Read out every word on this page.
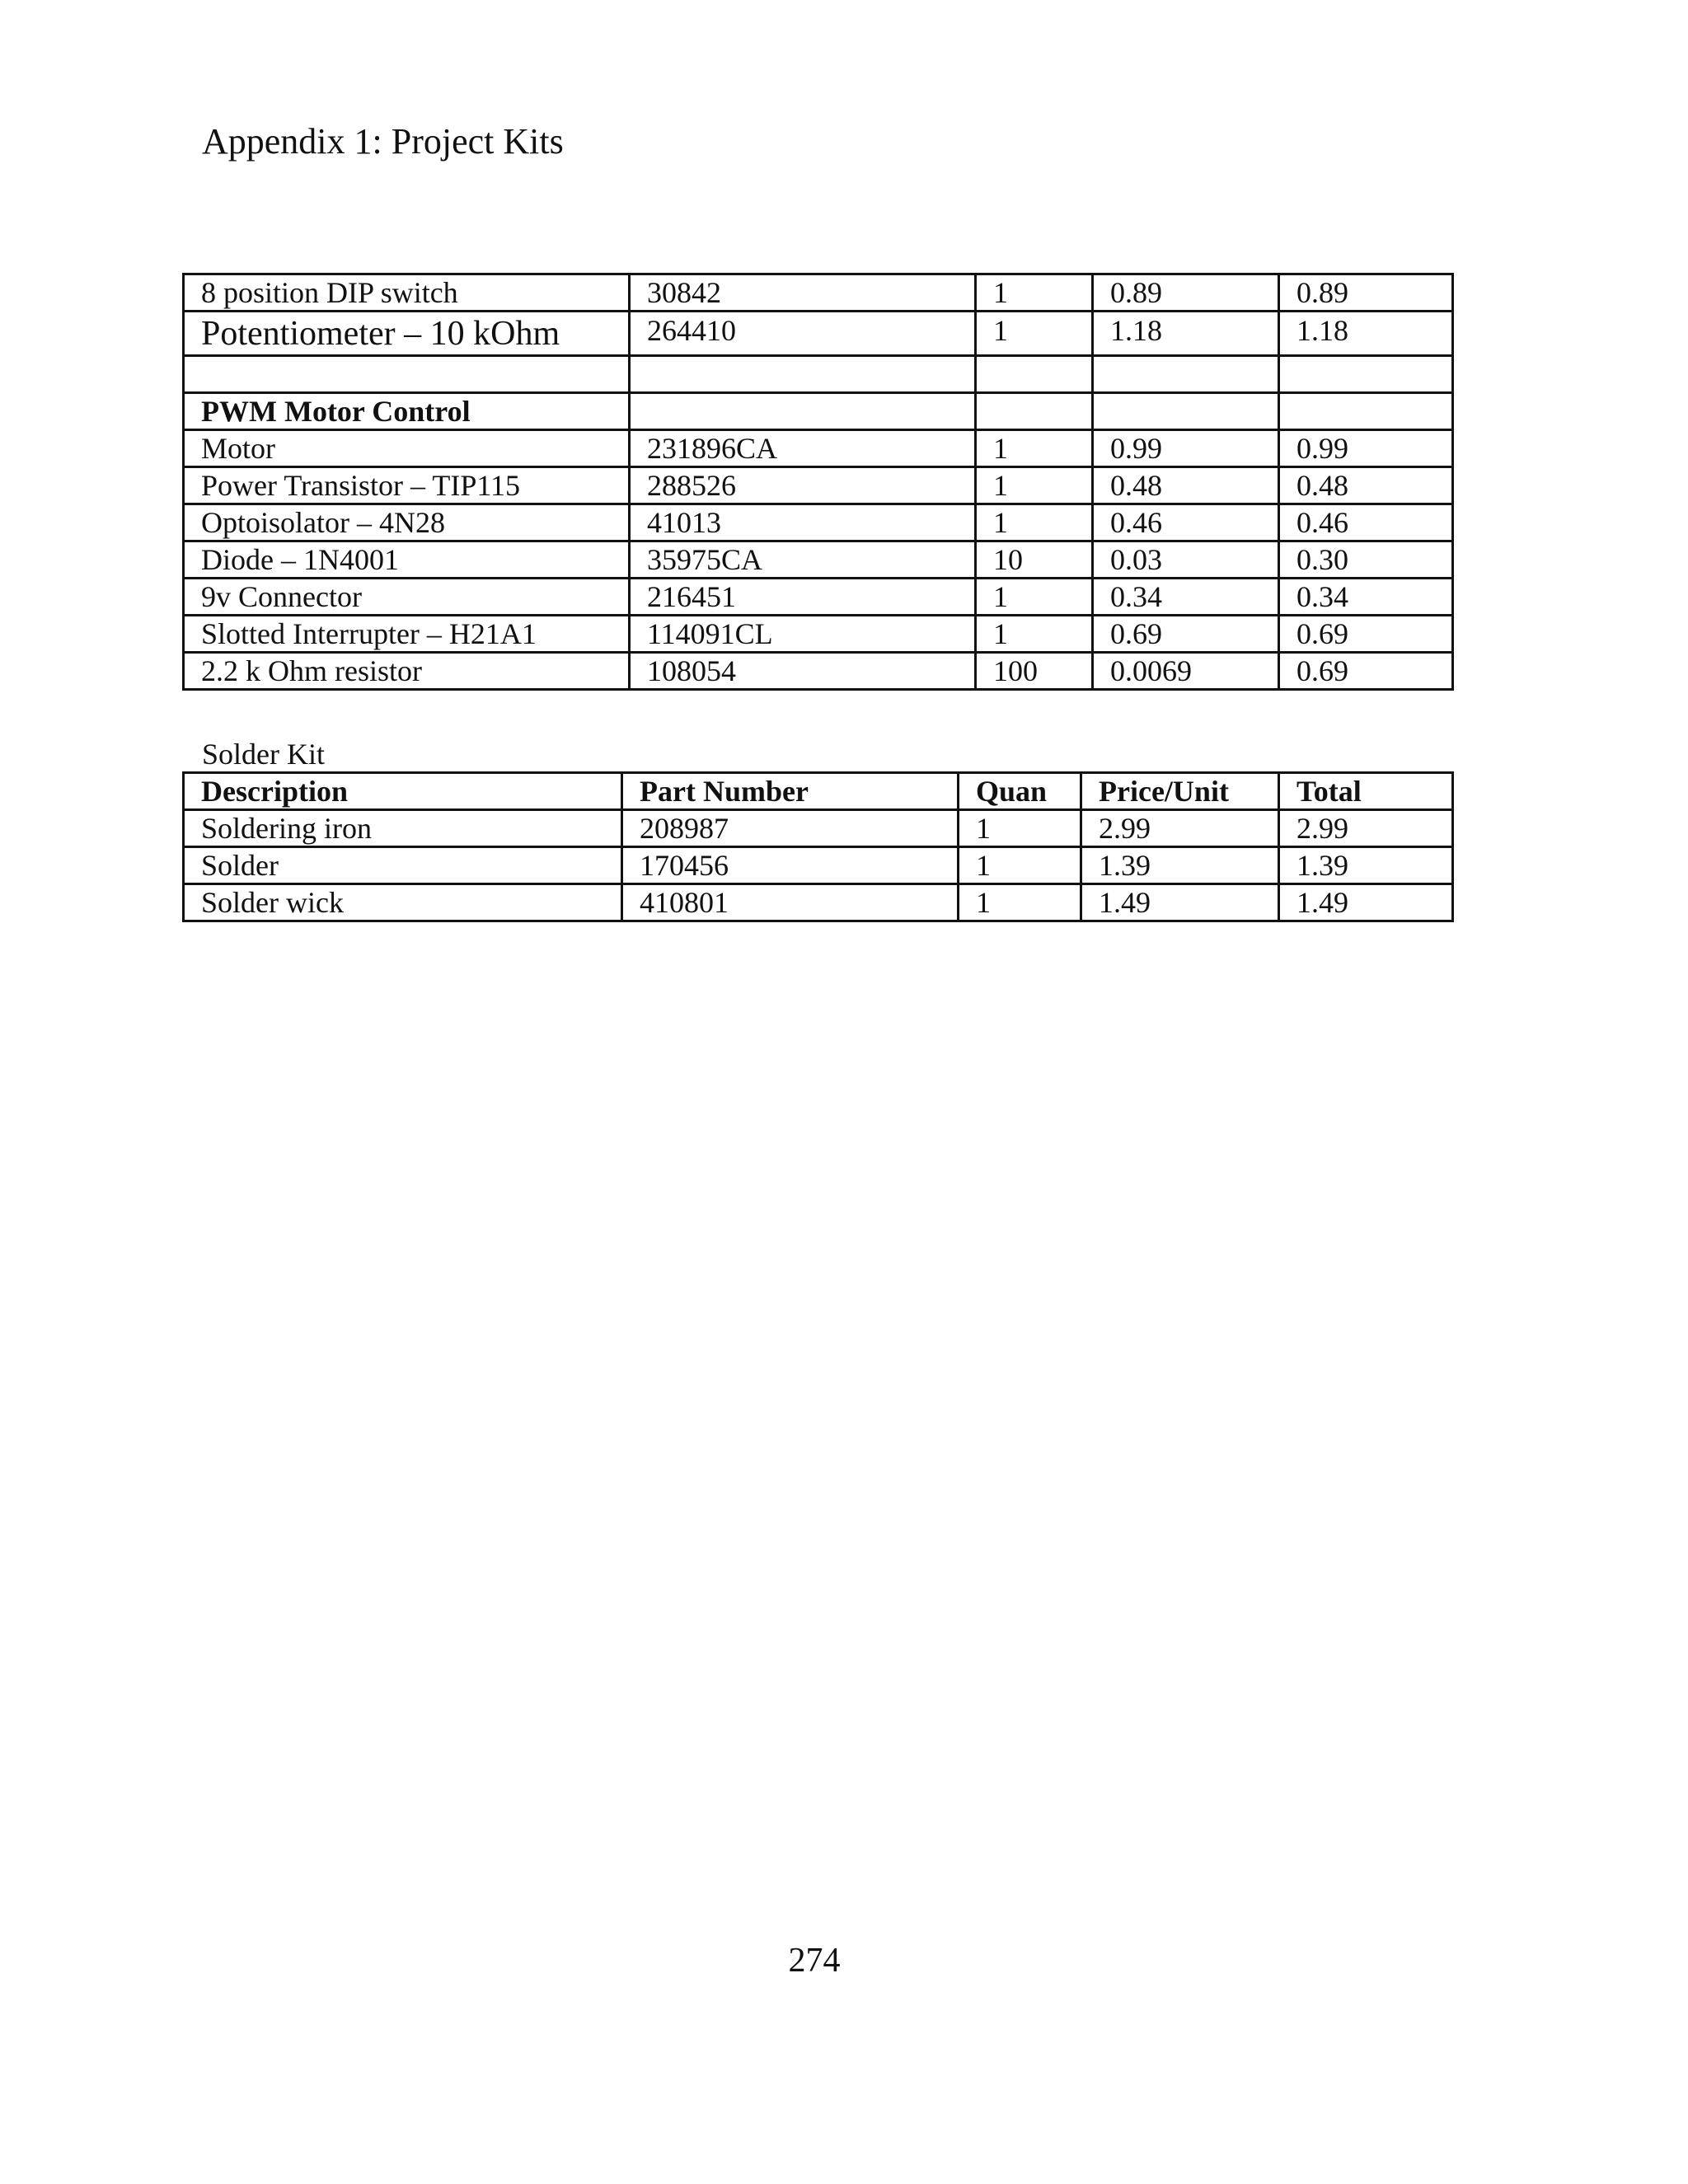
Appendix 1: Project Kits
8 position DIP switch	30842	1	0.89	0.89
Potentiometer – 10 kOhm	264410	1	1.18	1.18

PWM Motor Control				
Motor	231896CA	1	0.99	0.99
Power Transistor – TIP115	288526	1	0.48	0.48
Optoisolator – 4N28	41013	1	0.46	0.46
Diode – 1N4001	35975CA	10	0.03	0.30
9v Connector	216451	1	0.34	0.34
Slotted Interrupter – H21A1	114091CL	1	0.69	0.69
2.2 k Ohm resistor	108054	100	0.0069	0.69
Solder Kit
Description	Part Number	Quan	Price/Unit	Total
Soldering iron	208987	1	2.99	2.99
Solder	170456	1	1.39	1.39
Solder wick	410801	1	1.49	1.49
274
